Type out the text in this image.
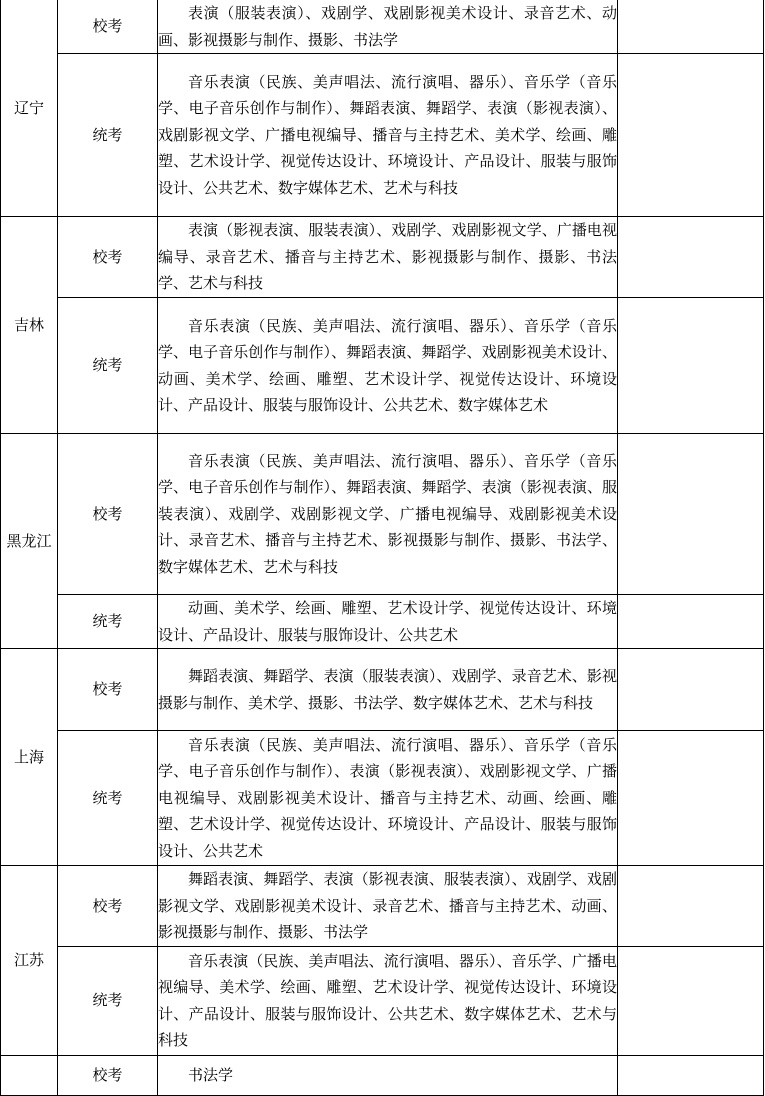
辽宁	校考	表演（服装表演）、戏剧学、戏剧影视美术设计、录音艺术、动画、影视摄影与制作、摄影、书法学	
	统考	音乐表演（民族、美声唱法、流行演唱、器乐）、音乐学（音乐学、电子音乐创作与制作）、舞蹈表演、舞蹈学、表演（影视表演）、戏剧影视文学、广播电视编导、播音与主持艺术、美术学、绘画、雕塑、艺术设计学、视觉传达设计、环境设计、产品设计、服装与服饰设计、公共艺术、数字媒体艺术、艺术与科技	
吉林	校考	表演（影视表演、服装表演）、戏剧学、戏剧影视文学、广播电视编导、录音艺术、播音与主持艺术、影视摄影与制作、摄影、书法学、艺术与科技	
	统考	音乐表演（民族、美声唱法、流行演唱、器乐）、音乐学（音乐学、电子音乐创作与制作）、舞蹈表演、舞蹈学、戏剧影视美术设计、动画、美术学、绘画、雕塑、艺术设计学、视觉传达设计、环境设计、产品设计、服装与服饰设计、公共艺术、数字媒体艺术	
黑龙江	校考	音乐表演（民族、美声唱法、流行演唱、器乐）、音乐学（音乐学、电子音乐创作与制作）、舞蹈表演、舞蹈学、表演（影视表演、服装表演）、戏剧学、戏剧影视文学、广播电视编导、戏剧影视美术设计、录音艺术、播音与主持艺术、影视摄影与制作、摄影、书法学、数字媒体艺术、艺术与科技	
	统考	动画、美术学、绘画、雕塑、艺术设计学、视觉传达设计、环境设计、产品设计、服装与服饰设计、公共艺术	
上海	校考	舞蹈表演、舞蹈学、表演（服装表演）、戏剧学、录音艺术、影视摄影与制作、美术学、摄影、书法学、数字媒体艺术、艺术与科技	
	统考	音乐表演（民族、美声唱法、流行演唱、器乐）、音乐学（音乐学、电子音乐创作与制作）、表演（影视表演）、戏剧影视文学、广播电视编导、戏剧影视美术设计、播音与主持艺术、动画、绘画、雕塑、艺术设计学、视觉传达设计、环境设计、产品设计、服装与服饰设计、公共艺术	
江苏	校考	舞蹈表演、舞蹈学、表演（影视表演、服装表演）、戏剧学、戏剧影视文学、戏剧影视美术设计、录音艺术、播音与主持艺术、动画、影视摄影与制作、摄影、书法学	
	统考	音乐表演（民族、美声唱法、流行演唱、器乐）、音乐学、广播电视编导、美术学、绘画、雕塑、艺术设计学、视觉传达设计、环境设计、产品设计、服装与服饰设计、公共艺术、数字媒体艺术、艺术与科技	
	校考	书法学	
